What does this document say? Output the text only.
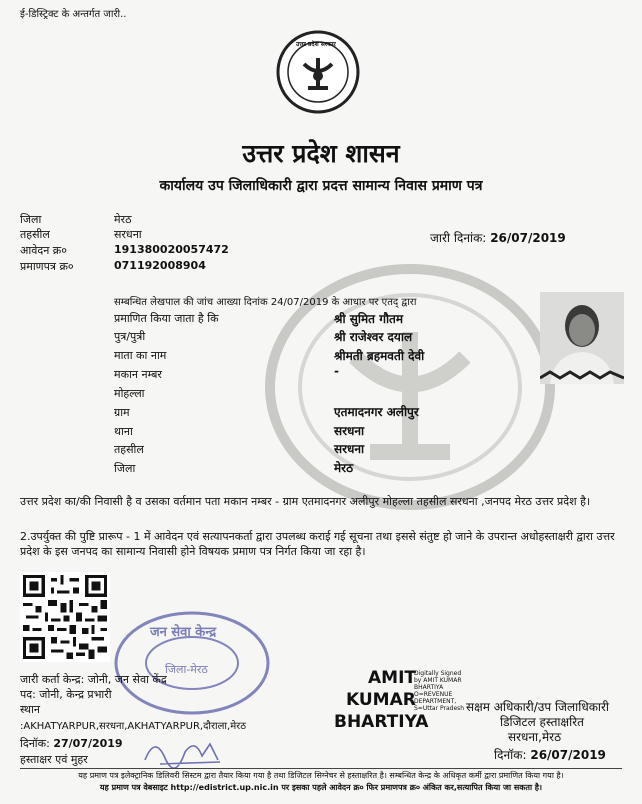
ई-डिस्ट्रिक्ट के अन्तर्गत जारी..
उत्तर प्रदेश सरकार
उत्तर प्रदेश शासन
कार्यालय उप जिलाधिकारी द्वारा प्रदत्त सामान्य निवास प्रमाण पत्र
जिला	मेरठ
तहसील	सरधना
आवेदन क्र०	191380020057472
प्रमाणपत्र क्र०	071192008904
जारी दिनांक: 26/07/2019
सम्बन्धित लेखपाल की जांच आख्या दिनांक 24/07/2019 के आधार पर एतद् द्वारा
प्रमाणित किया जाता है कि	श्री सुमित गौतम
पुत्र/पुत्री	श्री राजेश्वर दयाल
माता का नाम	श्रीमती ब्रहमवती देवी
मकान नम्बर	-
मोहल्ला
ग्राम	एतमादनगर अलीपुर
थाना	सरधना
तहसील	सरधना
जिला	मेरठ
उत्तर प्रदेश का/की निवासी है व उसका वर्तमान पता मकान नम्बर - ग्राम एतमादनगर अलीपुर मोहल्ला तहसील सरधना ,जनपद मेरठ उत्तर प्रदेश है।
2.उपर्युक्त की पुष्टि प्रारूप - 1 में आवेदन एवं सत्यापनकर्ता द्वारा उपलब्ध कराई गई सूचना तथा इससे संतुष्ट हो जाने के उपरान्त अधोहस्ताक्षरी द्वारा उत्तर प्रदेश के इस जनपद का सामान्य निवासी होने विषयक प्रमाण पत्र निर्गत किया जा रहा है।
जन सेवा केन्द्र
जिला-मेरठ
जारी कर्ता केन्द्र: जोनी, जन सेवा केंद्र
पद: जोनी, केन्द्र प्रभारी
स्थान
:AKHATYARPUR,सरधना,AKHATYARPUR,दौराला,मेरठ
दिनॉक: 27/07/2019
हस्ताक्षर एवं मुहर
AMIT
KUMAR
BHARTIYA
Digitally Signed by AMIT KUMAR BHARTIYA O=REVENUE DEPARTMENT, S=Uttar Pradesh सक्षम अधिकारी/उप जिलाधिकारी
डिजिटल हस्ताक्षरित
सरधना,मेरठ
दिनॉक: 26/07/2019
यह प्रमाण पत्र इलेक्ट्रानिक डिलिवरी सिस्टम द्वारा तैयार किया गया है तथा डिजिटल सिग्नेचर से हस्ताक्षरित है। सम्बन्धित केन्द्र के अधिकृत कर्मी द्वारा प्रमाणित किया गया है।
यह प्रमाण पत्र वेबसाइट http://edistrict.up.nic.in पर इसका पहले आवेदन क्र० फिर प्रमाणपत्र क्र० अंकित कर,सत्यापित किया जा सकता है।
